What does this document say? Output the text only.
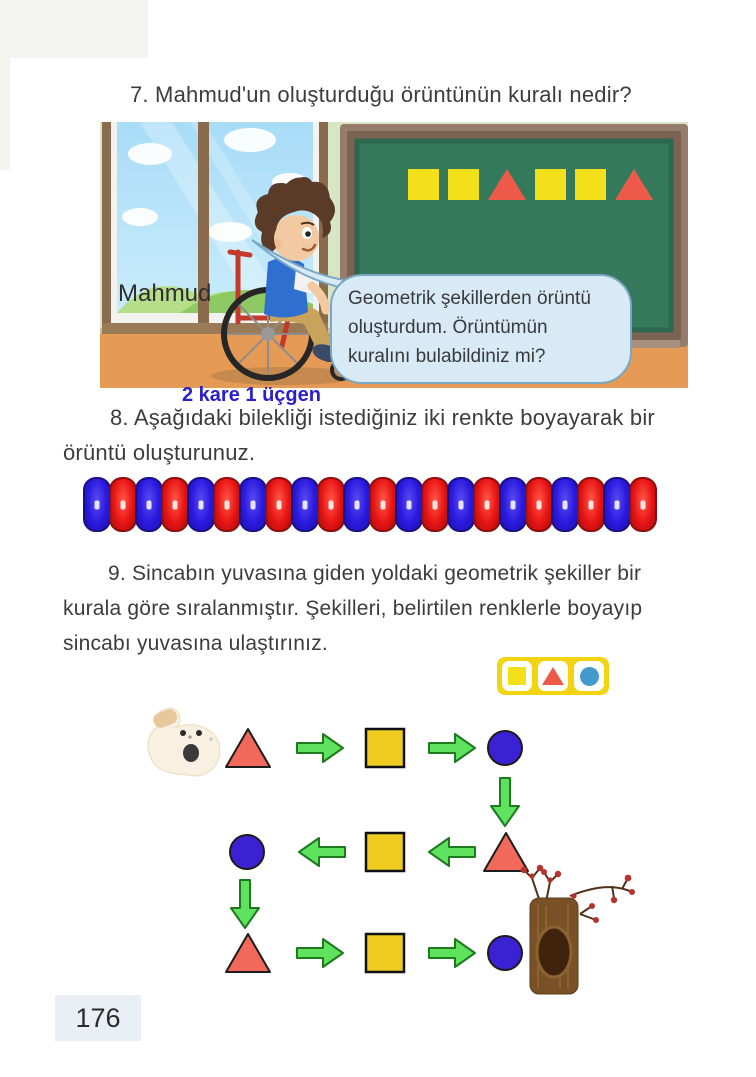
7. Mahmud'un oluşturduğu örüntünün kuralı nedir?
Mahmud	Geometrik şekillerden örüntü
oluşturdum. Örüntümün
kuralını bulabildiniz mi?
2 kare 1 üçgen
8. Aşağıdaki bilekliği istediğiniz iki renkte boyayarak bir
örüntü oluşturunuz.
9. Sincabın yuvasına giden yoldaki geometrik şekiller bir
kurala göre sıralanmıştır. Şekilleri, belirtilen renklerle boyayıp
sincabı yuvasına ulaştırınız.
176
